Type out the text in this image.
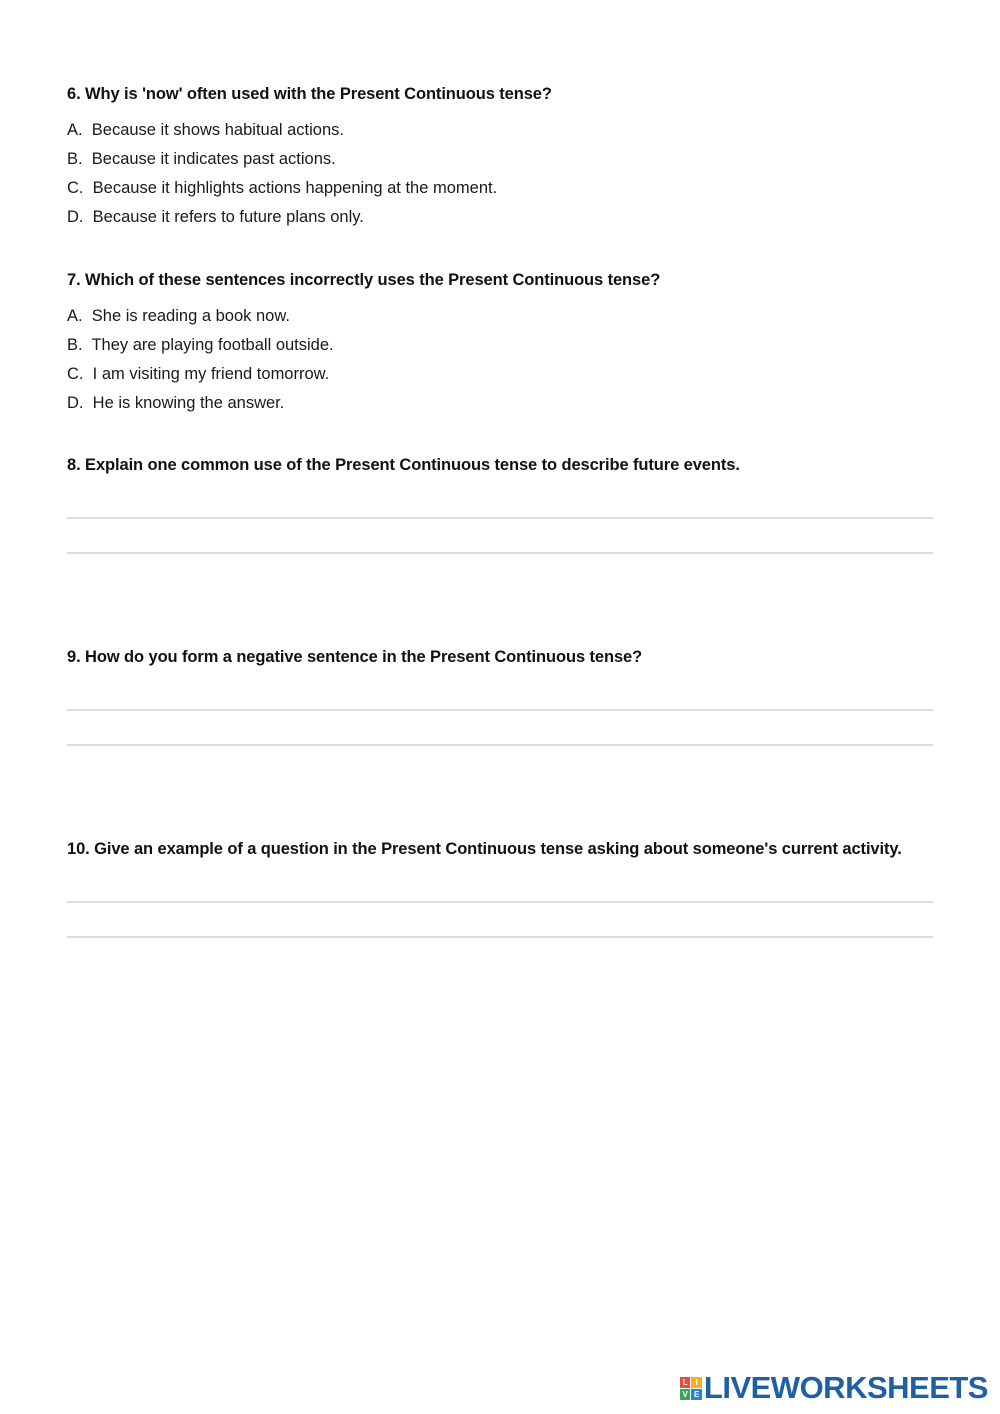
6. Why is 'now' often used with the Present Continuous tense?
A. Because it shows habitual actions.
B. Because it indicates past actions.
C. Because it highlights actions happening at the moment.
D. Because it refers to future plans only.
7. Which of these sentences incorrectly uses the Present Continuous tense?
A. She is reading a book now.
B. They are playing football outside.
C. I am visiting my friend tomorrow.
D. He is knowing the answer.
8. Explain one common use of the Present Continuous tense to describe future events.
9. How do you form a negative sentence in the Present Continuous tense?
10. Give an example of a question in the Present Continuous tense asking about someone's current activity.
L I
V E LIVEWORKSHEETS
